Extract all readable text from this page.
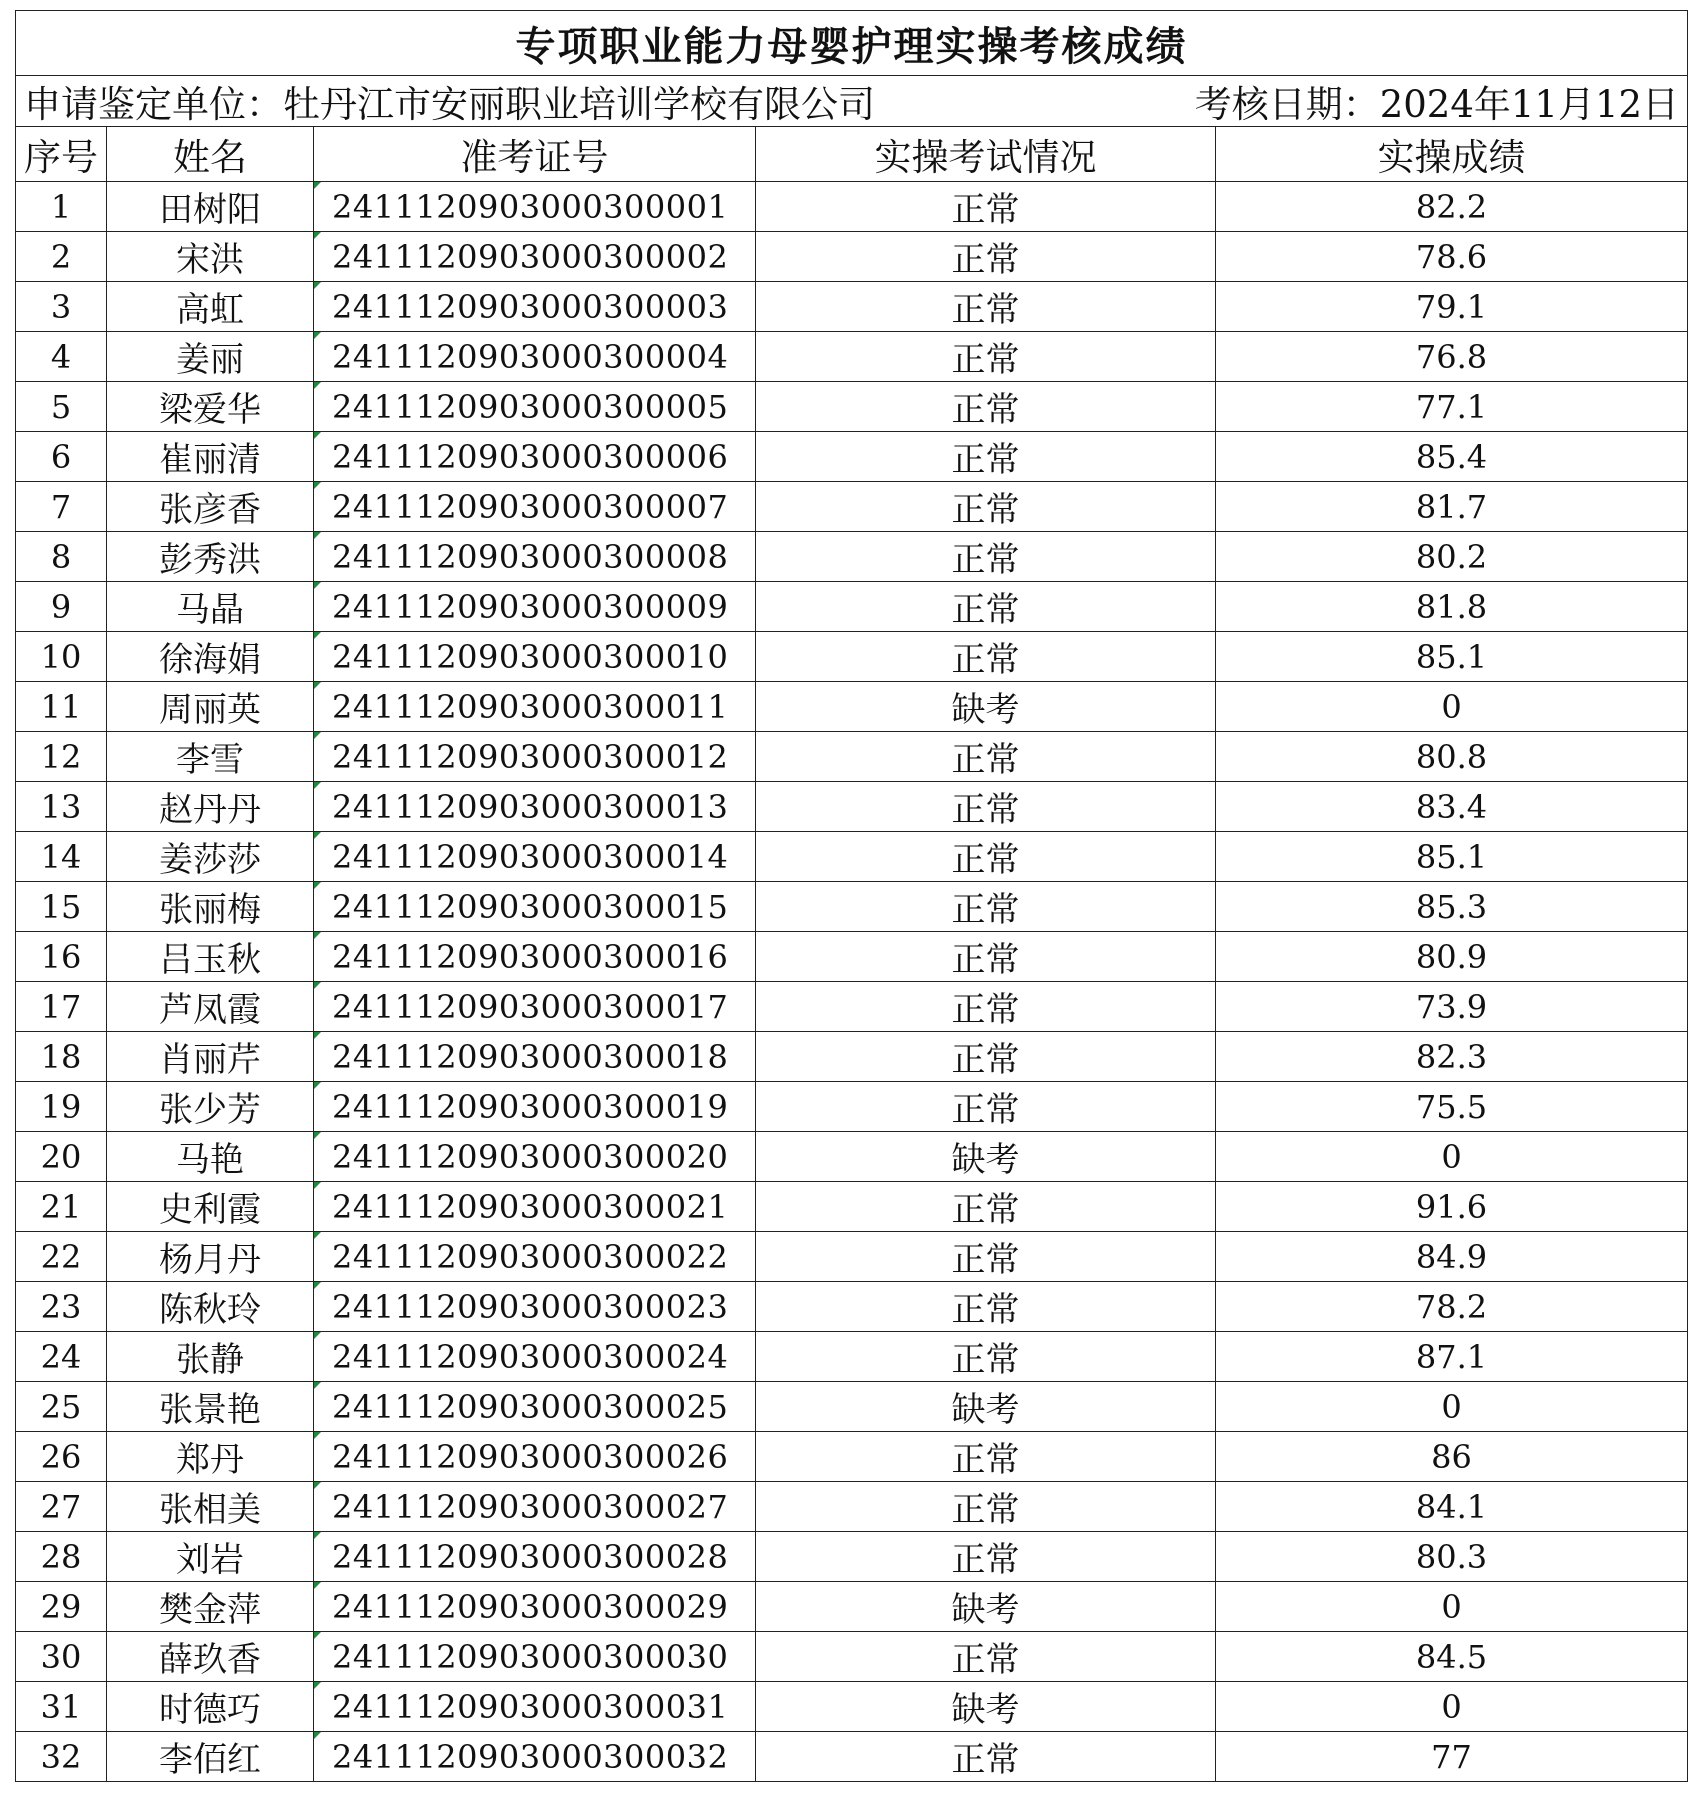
专项职业能力母婴护理实操考核成绩				

申请鉴定单位：牡丹江市安丽职业培训学校有限公司 考核日期：2024年11月12日				

序号	姓名	准考证号	实操考试情况	实操成绩
1	田树阳	2411120903000300001	正常	82.2
2	宋洪	2411120903000300002	正常	78.6
3	高虹	2411120903000300003	正常	79.1
4	姜丽	2411120903000300004	正常	76.8
5	梁爱华	2411120903000300005	正常	77.1
6	崔丽清	2411120903000300006	正常	85.4
7	张彦香	2411120903000300007	正常	81.7
8	彭秀洪	2411120903000300008	正常	80.2
9	马晶	2411120903000300009	正常	81.8
10	徐海娟	2411120903000300010	正常	85.1
11	周丽英	2411120903000300011	缺考	0
12	李雪	2411120903000300012	正常	80.8
13	赵丹丹	2411120903000300013	正常	83.4
14	姜莎莎	2411120903000300014	正常	85.1
15	张丽梅	2411120903000300015	正常	85.3
16	吕玉秋	2411120903000300016	正常	80.9
17	芦凤霞	2411120903000300017	正常	73.9
18	肖丽芹	2411120903000300018	正常	82.3
19	张少芳	2411120903000300019	正常	75.5
20	马艳	2411120903000300020	缺考	0
21	史利霞	2411120903000300021	正常	91.6
22	杨月丹	2411120903000300022	正常	84.9
23	陈秋玲	2411120903000300023	正常	78.2
24	张静	2411120903000300024	正常	87.1
25	张景艳	2411120903000300025	缺考	0
26	郑丹	2411120903000300026	正常	86
27	张相美	2411120903000300027	正常	84.1
28	刘岩	2411120903000300028	正常	80.3
29	樊金萍	2411120903000300029	缺考	0
30	薛玖香	2411120903000300030	正常	84.5
31	时德巧	2411120903000300031	缺考	0
32	李佰红	2411120903000300032	正常	77
